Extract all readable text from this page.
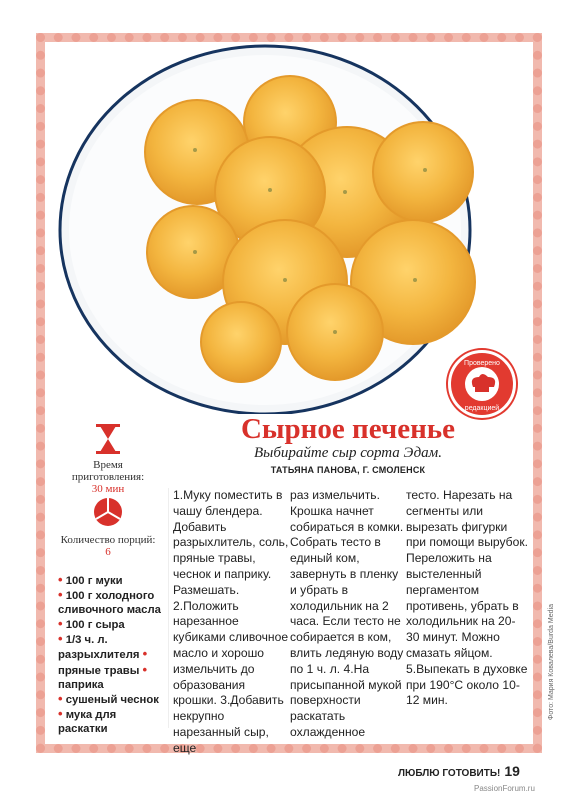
Проверено
редакцией
Сырное печенье
Выбирайте сыр сорта Эдам.
ТАТЬЯНА ПАНОВА, Г. СМОЛЕНСК
Время приготовления:
30 мин
Количество порций:
6
• 100 г муки
• 100 г холодного сливочного масла • 100 г сыра
• 1/3 ч. л. разрыхлителя • пряные травы • паприка
• сушеный чеснок • мука для раскатки
1.Муку поместить в чашу блендера. Добавить разрыхлитель, соль, пряные травы, чеснок и паприку. Размешать. 2.Положить нарезанное кубиками сливочное масло и хорошо измельчить до образования крошки. 3.Добавить некрупно нарезанный сыр, еще
раз измельчить. Крошка начнет собираться в комки. Собрать тесто в единый ком, завернуть в пленку и убрать в холодильник на 2 часа. Если тесто не собирается в ком, влить ледяную воду по 1 ч. л. 4.На присыпанной мукой поверхности раскатать охлажденное
тесто. Нарезать на сегменты или вырезать фигурки при помощи вырубок. Переложить на выстеленный пергаментом противень, убрать в холодильник на 20-30 минут. Можно смазать яйцом. 5.Выпекать в духовке при 190°С около 10-12 мин.
ЛЮБЛЮ ГОТОВИТЬ! 19
Фото: Мария Ковалева/Burda Media
PassionForum.ru
